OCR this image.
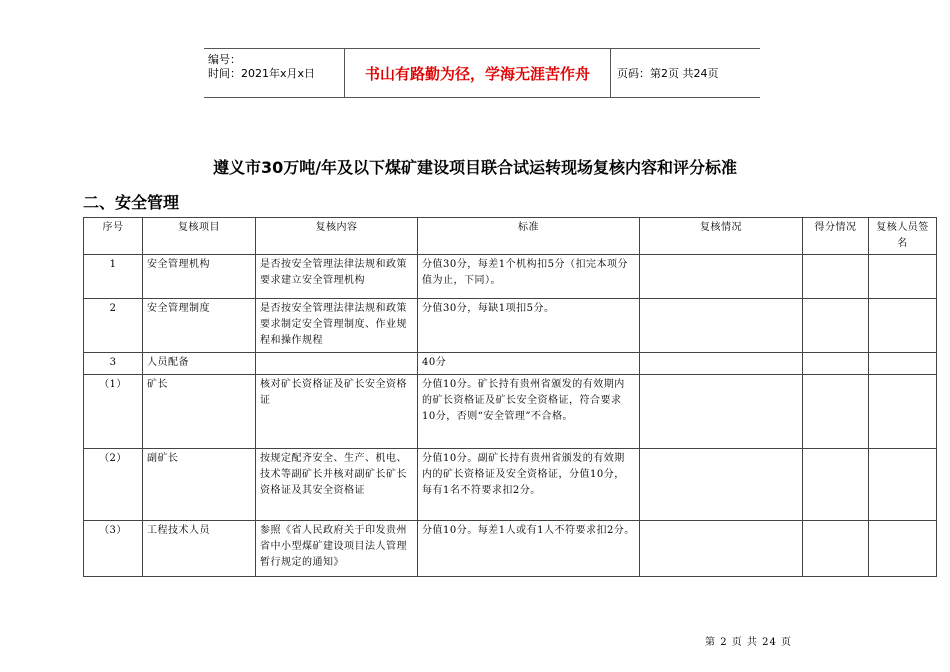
编号：
时间：2021年x月x日	书山有路勤为径，学海无涯苦作舟	页码：第2页 共24页
遵义市30万吨/年及以下煤矿建设项目联合试运转现场复核内容和评分标准
二、安全管理
序号	复核项目	复核内容	标准	复核情况	得分情况	复核人员签名
1	安全管理机构	是否按安全管理法律法规和政策要求建立安全管理机构	分值30分，每差1个机构扣5分（扣完本项分值为止，下同）。			
2	安全管理制度	是否按安全管理法律法规和政策要求制定安全管理制度、作业规程和操作规程	分值30分，每缺1项扣5分。			
3	人员配备		40分			
（1）	矿长	核对矿长资格证及矿长安全资格证	分值10分。矿长持有贵州省颁发的有效期内的矿长资格证及矿长安全资格证，符合要求10分，否则“安全管理”不合格。			
（2）	副矿长	按规定配齐安全、生产、机电、技术等副矿长并核对副矿长矿长资格证及其安全资格证	分值10分。副矿长持有贵州省颁发的有效期内的矿长资格证及安全资格证，分值10分，每有1名不符要求扣2分。			
（3）	工程技术人员	参照《省人民政府关于印发贵州省中小型煤矿建设项目法人管理暂行规定的通知》	分值10分。每差1人或有1人不符要求扣2分。			
第 2 页 共 24 页
